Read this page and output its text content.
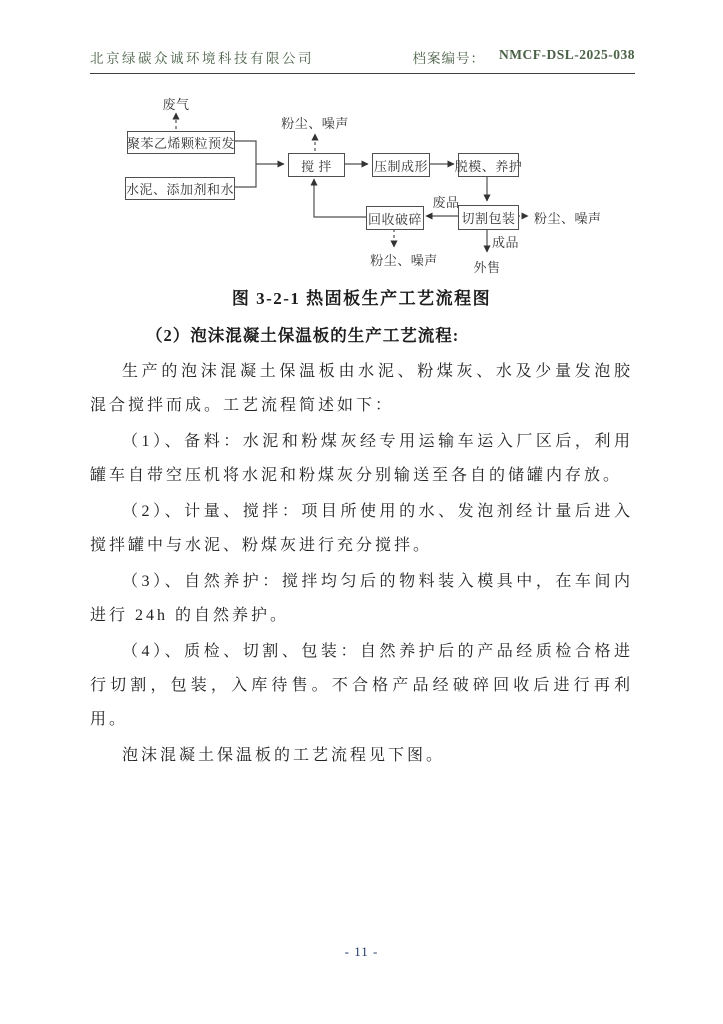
北京绿碳众诚环境科技有限公司	档案编号： NMCF-DSL-2025-038
聚苯乙烯颗粒预发
水泥、添加剂和水
搅 拌	压制成形 脱模、养护
切割包装
回收破碎
废气
粉尘、噪声
废品
粉尘、噪声
成品
外售
粉尘、噪声
图 3-2-1 热固板生产工艺流程图
（2）泡沫混凝土保温板的生产工艺流程:

生产的泡沫混凝土保温板由水泥、粉煤灰、水及少量发泡胶混合搅拌而成。工艺流程简述如下：

（1）、备料：水泥和粉煤灰经专用运输车运入厂区后，利用罐车自带空压机将水泥和粉煤灰分别输送至各自的储罐内存放。

（2）、计量、搅拌：项目所使用的水、发泡剂经计量后进入搅拌罐中与水泥、粉煤灰进行充分搅拌。

（3）、自然养护：搅拌均匀后的物料装入模具中，在车间内进行 24h 的自然养护。

（4）、质检、切割、包装：自然养护后的产品经质检合格进行切割，包装，入库待售。不合格产品经破碎回收后进行再利用。

泡沫混凝土保温板的工艺流程见下图。

- 11 -
